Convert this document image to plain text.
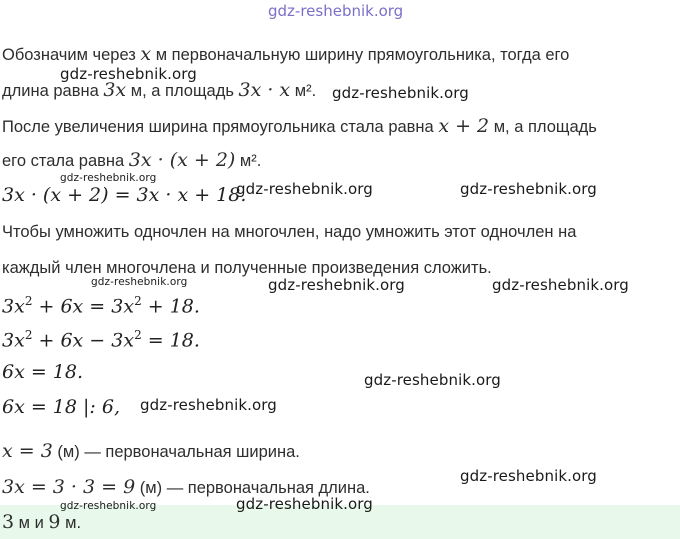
gdz-reshebnik.org
Обозначим через x м первоначальную ширину прямоугольника, тогда его
длина равна 3x м, а площадь 3x · x м².
После увеличения ширина прямоугольника стала равна x + 2 м, а площадь
его стала равна 3x · (x + 2) м².
3x · (x + 2) = 3x · x + 18.
Чтобы умножить одночлен на многочлен, надо умножить этот одночлен на
каждый член многочлена и полученные произведения сложить.
$3x^2 + 6x = 3x^2 + 18$.
$3x^2 + 6x - 3x^2 = 18$.
6x = 18.
6x = 18 |: 6,
x = 3 (м) — первоначальная ширина.
3x = 3 · 3 = 9 (м) — первоначальная длина.
3 м и 9 м.
gdz-reshebnik.org
gdz-reshebnik.org
gdz-reshebnik.org
gdz-reshebnik.org	gdz-reshebnik.org
gdz-reshebnik.org	gdz-reshebnik.org	gdz-reshebnik.org
gdz-reshebnik.org
gdz-reshebnik.org
gdz-reshebnik.org
gdz-reshebnik.org	gdz-reshebnik.org
